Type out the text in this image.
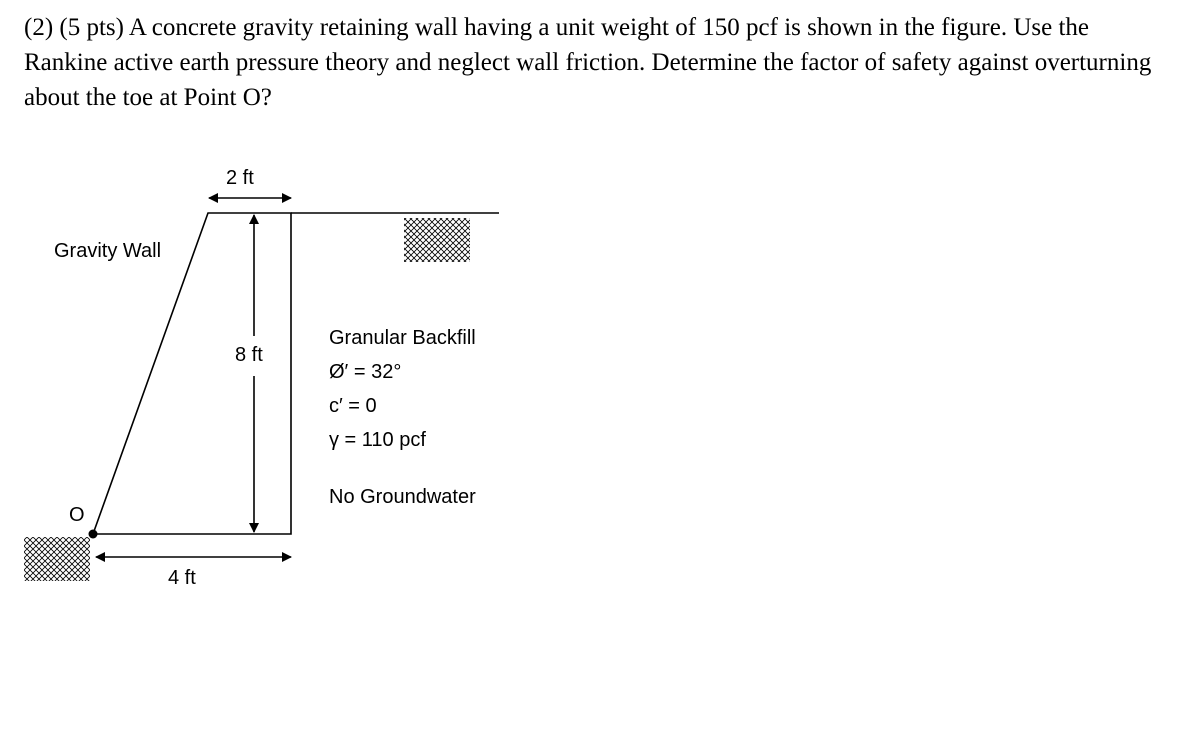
(2) (5 pts) A concrete gravity retaining wall having a unit weight of 150 pcf is shown in the figure. Use the Rankine active earth pressure theory and neglect wall friction. Determine the factor of safety against overturning about the toe at Point O?
2 ft
Gravity Wall
8 ft
O
4 ft
Granular Backfill
Ø′ = 32°
c′ = 0
γ = 110 pcf
No Groundwater
